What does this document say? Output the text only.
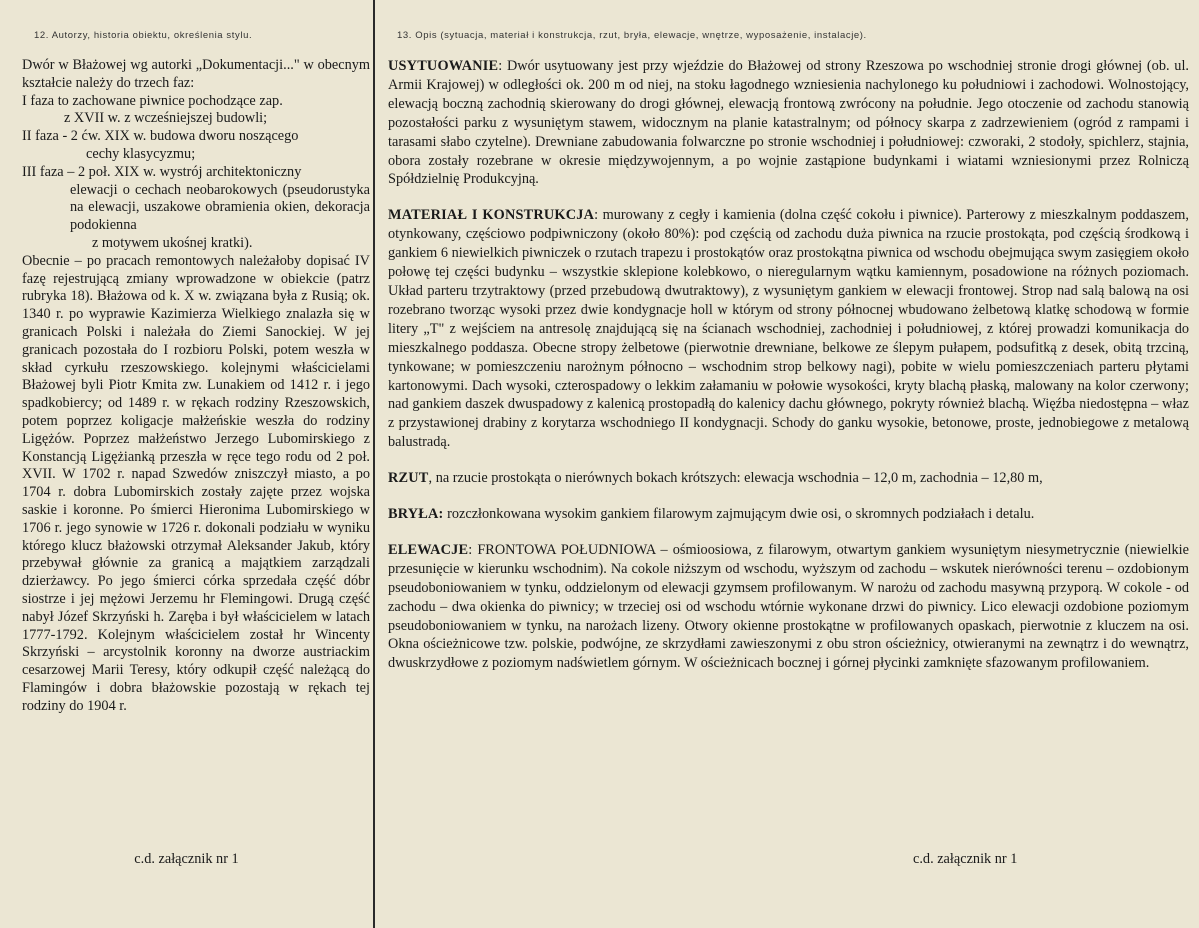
12. Autorzy, historia obiektu, określenia stylu.

Dwór w Błażowej wg autorki „Dokumentacji..." w obecnym kształcie należy do trzech faz:

I faza to zachowane piwnice pochodzące zap.

z XVII w. z wcześniejszej budowli;

II faza - 2 ćw. XIX w. budowa dworu noszącego

cechy klasycyzmu;

III faza – 2 poł. XIX w. wystrój architektoniczny

elewacji o cechach neobarokowych (pseudorustyka na elewacji, uszakowe obramienia okien, dekoracja podokienna

z motywem ukośnej kratki).

Obecnie – po pracach remontowych należałoby dopisać IV fazę rejestrującą zmiany wprowadzone w obiekcie (patrz rubryka 18). Błażowa od k. X w. związana była z Rusią; ok. 1340 r. po wyprawie Kazimierza Wielkiego znalazła się w granicach Polski i należała do Ziemi Sanockiej. W jej granicach pozostała do I rozbioru Polski, potem weszła w skład cyrkułu rzeszowskiego. kolejnymi właścicielami Błażowej byli Piotr Kmita zw. Lunakiem od 1412 r. i jego spadkobiercy; od 1489 r. w rękach rodziny Rzeszowskich, potem poprzez koligacje małżeńskie weszła do rodziny Ligężów. Poprzez małżeństwo Jerzego Lubomirskiego z Konstancją Ligężianką przeszła w ręce tego rodu od 2 poł. XVII. W 1702 r. napad Szwedów zniszczył miasto, a po 1704 r. dobra Lubomirskich zostały zajęte przez wojska saskie i koronne. Po śmierci Hieronima Lubomirskiego w 1706 r. jego synowie w 1726 r. dokonali podziału w wyniku którego klucz błażowski otrzymał Aleksander Jakub, który przebywał głównie za granicą a majątkiem zarządzali dzierżawcy. Po jego śmierci córka sprzedała część dóbr siostrze i jej mężowi Jerzemu hr Flemingowi. Drugą część nabył Józef Skrzyński h. Zaręba i był właścicielem w latach 1777-1792. Kolejnym właścicielem został hr Wincenty Skrzyński – arcystolnik koronny na dworze austriackim cesarzowej Marii Teresy, który odkupił część należącą do Flamingów i dobra błażowskie pozostają w rękach tej rodziny do 1904 r.

c.d. załącznik nr 1
13. Opis (sytuacja, materiał i konstrukcja, rzut, bryła, elewacje, wnętrze, wyposażenie, instalacje).

USYTUOWANIE: Dwór usytuowany jest przy wjeździe do Błażowej od strony Rzeszowa po wschodniej stronie drogi głównej (ob. ul. Armii Krajowej) w odległości ok. 200 m od niej, na stoku łagodnego wzniesienia nachylonego ku południowi i zachodowi. Wolnostojący, elewacją boczną zachodnią skierowany do drogi głównej, elewacją frontową zwrócony na południe. Jego otoczenie od zachodu stanowią pozostałości parku z wysuniętym stawem, widocznym na planie katastralnym; od północy skarpa z zadrzewieniem (ogród z rampami i tarasami słabo czytelne). Drewniane zabudowania folwarczne po stronie wschodniej i południowej: czworaki, 2 stodoły, spichlerz, stajnia, obora zostały rozebrane w okresie międzywojennym, a po wojnie zastąpione budynkami i wiatami wzniesionymi przez Rolniczą Spółdzielnię Produkcyjną.

MATERIAŁ I KONSTRUKCJA: murowany z cegły i kamienia (dolna część cokołu i piwnice). Parterowy z mieszkalnym poddaszem, otynkowany, częściowo podpiwniczony (około 80%): pod częścią od zachodu duża piwnica na rzucie prostokąta, pod częścią środkową i gankiem 6 niewielkich piwniczek o rzutach trapezu i prostokątów oraz prostokątna piwnica od wschodu obejmująca swym zasięgiem około połowę tej części budynku – wszystkie sklepione kolebkowo, o nieregularnym wątku kamiennym, posadowione na różnych poziomach. Układ parteru trzytraktowy (przed przebudową dwutraktowy), z wysuniętym gankiem w elewacji frontowej. Strop nad salą balową na osi rozebrano tworząc wysoki przez dwie kondygnacje holl w którym od strony północnej wbudowano żelbetową klatkę schodową w formie litery „T" z wejściem na antresolę znajdującą się na ścianach wschodniej, zachodniej i południowej, z której prowadzi komunikacja do mieszkalnego poddasza. Obecne stropy żelbetowe (pierwotnie drewniane, belkowe ze ślepym pułapem, podsufitką z desek, obitą trzciną, tynkowane; w pomieszczeniu narożnym północno – wschodnim strop belkowy nagi), pobite w wielu pomieszczeniach parteru płytami kartonowymi. Dach wysoki, czterospadowy o lekkim załamaniu w połowie wysokości, kryty blachą płaską, malowany na kolor czerwony; nad gankiem daszek dwuspadowy z kalenicą prostopadłą do kalenicy dachu głównego, pokryty również blachą. Więźba niedostępna – właz z przystawionej drabiny z korytarza wschodniego II kondygnacji. Schody do ganku wysokie, betonowe, proste, jednobiegowe z metalową balustradą.

RZUT, na rzucie prostokąta o nierównych bokach krótszych: elewacja wschodnia – 12,0 m, zachodnia – 12,80 m,

BRYŁA: rozczłonkowana wysokim gankiem filarowym zajmującym dwie osi, o skromnych podziałach i detalu.

ELEWACJE: FRONTOWA POŁUDNIOWA – ośmioosiowa, z filarowym, otwartym gankiem wysuniętym niesymetrycznie (niewielkie przesunięcie w kierunku wschodnim). Na cokole niższym od wschodu, wyższym od zachodu – wskutek nierówności terenu – ozdobionym pseudoboniowaniem w tynku, oddzielonym od elewacji gzymsem profilowanym. W narożu od zachodu masywną przyporą. W cokole - od zachodu – dwa okienka do piwnicy; w trzeciej osi od wschodu wtórnie wykonane drzwi do piwnicy. Lico elewacji ozdobione poziomym pseudoboniowaniem w tynku, na narożach lizeny. Otwory okienne prostokątne w profilowanych opaskach, pierwotnie z kluczem na osi. Okna ościeżnicowe tzw. polskie, podwójne, ze skrzydłami zawieszonymi z obu stron ościeżnicy, otwieranymi na zewnątrz i do wewnątrz, dwuskrzydłowe z poziomym nadświetlem górnym. W ościeżnicach bocznej i górnej płycinki zamknięte sfazowanym profilowaniem.

c.d. załącznik nr 1
